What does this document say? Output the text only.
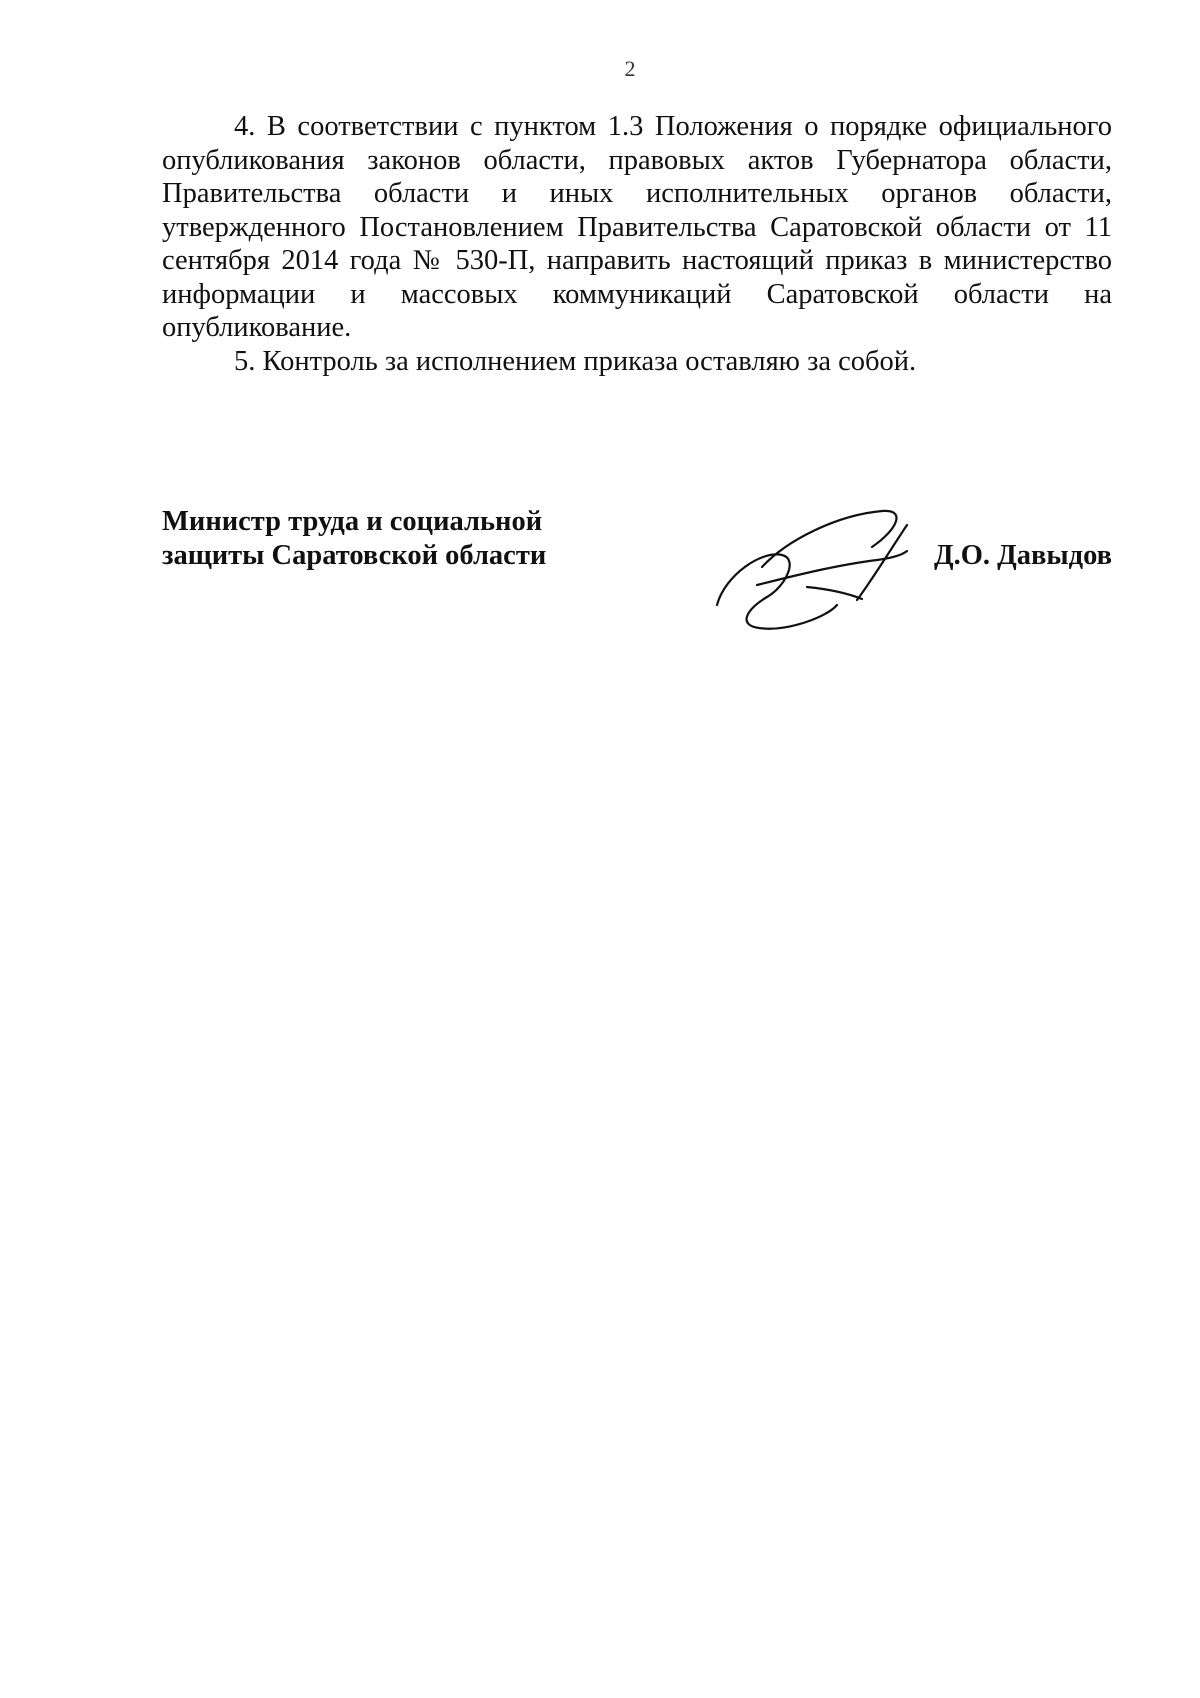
2

4. В соответствии с пунктом 1.3 Положения о порядке официального опубликования законов области, правовых актов Губернатора области, Правительства области и иных исполнительных органов области, утвержденного Постановлением Правительства Саратовской области от 11 сентября 2014 года № 530-П, направить настоящий приказ в министерство информации и массовых коммуникаций Саратовской области на опубликование.

5. Контроль за исполнением приказа оставляю за собой.

Министр труда и социальной
защиты Саратовской области	Д.О. Давыдов
